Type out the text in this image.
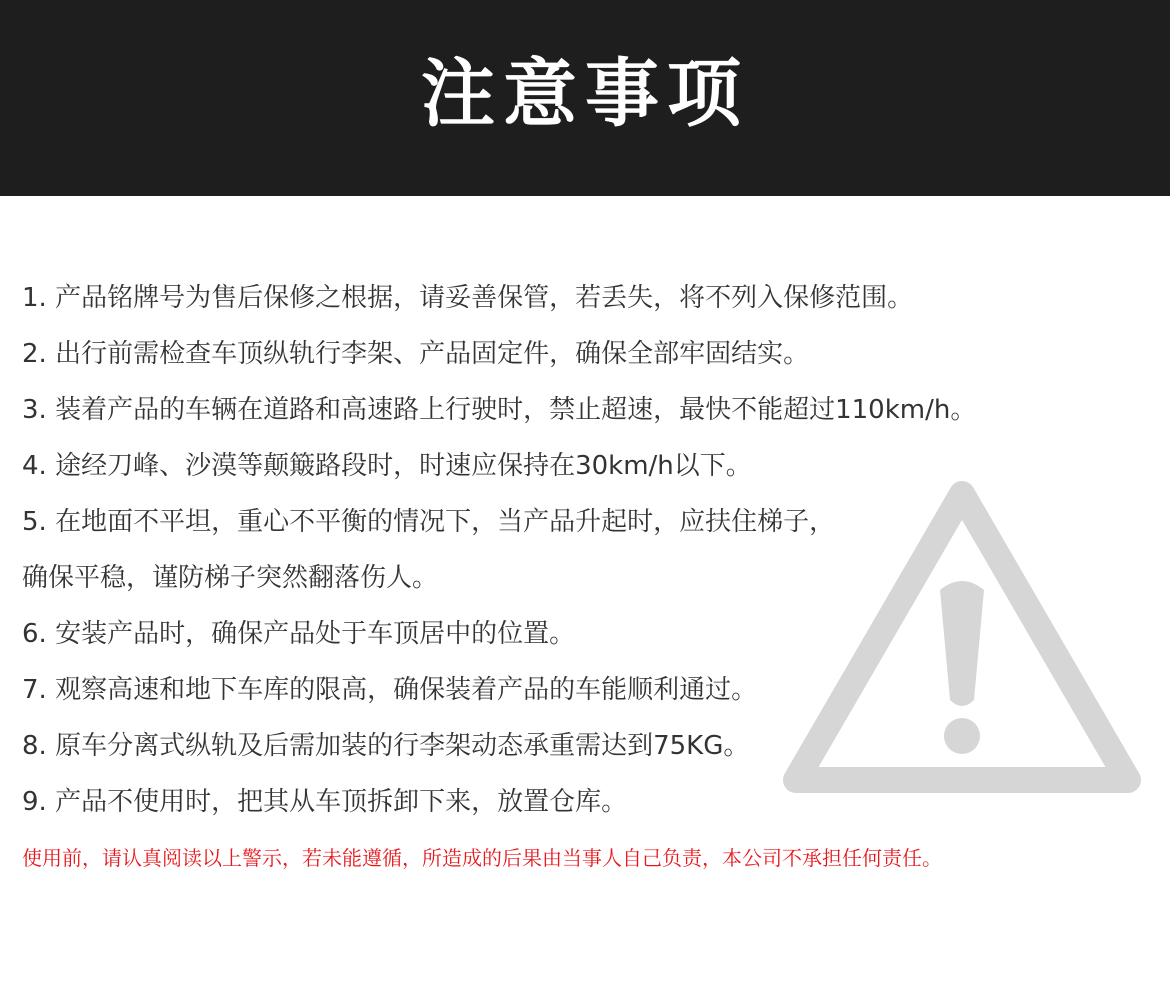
注意事项
1. 产品铭牌号为售后保修之根据，请妥善保管，若丢失，将不列入保修范围。
2. 出行前需检查车顶纵轨行李架、产品固定件，确保全部牢固结实。
3. 装着产品的车辆在道路和高速路上行驶时，禁止超速，最快不能超过110km/h。
4. 途经刀峰、沙漠等颠簸路段时，时速应保持在30km/h以下。
5. 在地面不平坦，重心不平衡的情况下，当产品升起时，应扶住梯子，
确保平稳，谨防梯子突然翻落伤人。
6. 安装产品时，确保产品处于车顶居中的位置。
7. 观察高速和地下车库的限高，确保装着产品的车能顺利通过。
8. 原车分离式纵轨及后需加装的行李架动态承重需达到75KG。
9. 产品不使用时，把其从车顶拆卸下来，放置仓库。
使用前，请认真阅读以上警示，若未能遵循，所造成的后果由当事人自己负责，本公司不承担任何责任。
